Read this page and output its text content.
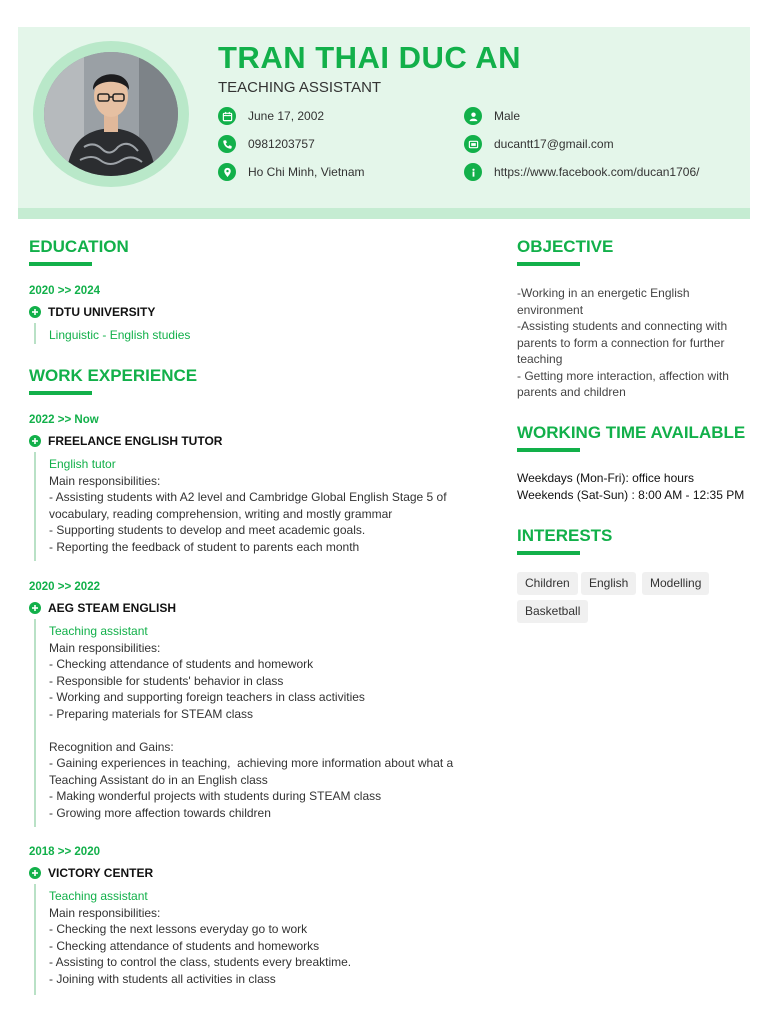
TRAN THAI DUC AN
TEACHING ASSISTANT
June 17, 2002	Male
0981203757	ducantt17@gmail.com
Ho Chi Minh, Vietnam	https://www.facebook.com/ducan1706/
EDUCATION
2020 >> 2024
TDTU UNIVERSITY
Linguistic - English studies
WORK EXPERIENCE
2022 >> Now
FREELANCE ENGLISH TUTOR
English tutor
Main responsibilities:
- Assisting students with A2 level and Cambridge Global English Stage 5 of
vocabulary, reading comprehension, writing and mostly grammar
- Supporting students to develop and meet academic goals.
- Reporting the feedback of student to parents each month
2020 >> 2022
AEG STEAM ENGLISH
Teaching assistant
Main responsibilities:
- Checking attendance of students and homework
- Responsible for students' behavior in class
- Working and supporting foreign teachers in class activities
- Preparing materials for STEAM class

Recognition and Gains:
- Gaining experiences in teaching,  achieving more information about what a
Teaching Assistant do in an English class
- Making wonderful projects with students during STEAM class
- Growing more affection towards children
2018 >> 2020
VICTORY CENTER
Teaching assistant
Main responsibilities:
- Checking the next lessons everyday go to work
- Checking attendance of students and homeworks
- Assisting to control the class, students every breaktime.
- Joining with students all activities in class
OBJECTIVE
-Working in an energetic English
environment
-Assisting students and connecting with
parents to form a connection for further
teaching
- Getting more interaction, affection with
parents and children
WORKING TIME AVAILABLE
Weekdays (Mon-Fri): office hours
Weekends (Sat-Sun) : 8:00 AM - 12:35 PM
INTERESTS
Children	English	Modelling
Basketball
